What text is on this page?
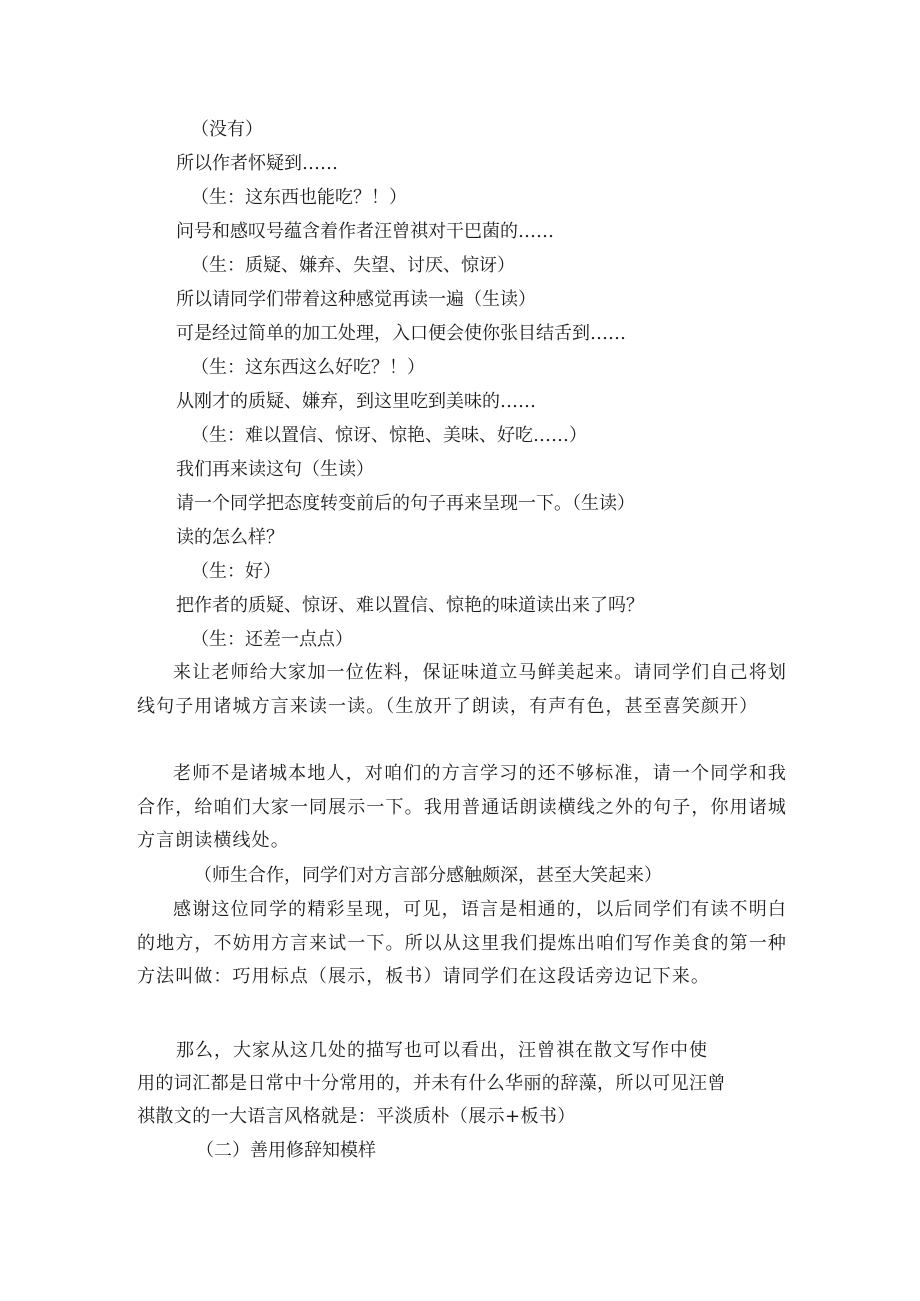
（没有）

所以作者怀疑到……

（生：这东西也能吃？！）

问号和感叹号蕴含着作者汪曾祺对干巴菌的……

（生：质疑、嫌弃、失望、讨厌、惊讶）

所以请同学们带着这种感觉再读一遍（生读）

可是经过简单的加工处理，入口便会使你张目结舌到……

（生：这东西这么好吃？！）

从刚才的质疑、嫌弃，到这里吃到美味的……

（生：难以置信、惊讶、惊艳、美味、好吃……）

我们再来读这句（生读）

请一个同学把态度转变前后的句子再来呈现一下。（生读）

读的怎么样？

（生：好）

把作者的质疑、惊讶、难以置信、惊艳的味道读出来了吗？

（生：还差一点点）

来让老师给大家加一位佐料，保证味道立马鲜美起来。请同学们自己将划线句子用诸城方言来读一读。（生放开了朗读，有声有色，甚至喜笑颜开）

老师不是诸城本地人，对咱们的方言学习的还不够标准，请一个同学和我合作，给咱们大家一同展示一下。我用普通话朗读横线之外的句子，你用诸城方言朗读横线处。

（师生合作，同学们对方言部分感触颇深，甚至大笑起来）

感谢这位同学的精彩呈现，可见，语言是相通的，以后同学们有读不明白的地方，不妨用方言来试一下。所以从这里我们提炼出咱们写作美食的第一种方法叫做：巧用标点（展示，板书）请同学们在这段话旁边记下来。

那么，大家从这几处的描写也可以看出，汪曾祺在散文写作中使

用的词汇都是日常中十分常用的，并未有什么华丽的辞藻，所以可见汪曾

祺散文的一大语言风格就是：平淡质朴（展示+板书）

（二）善用修辞知模样
